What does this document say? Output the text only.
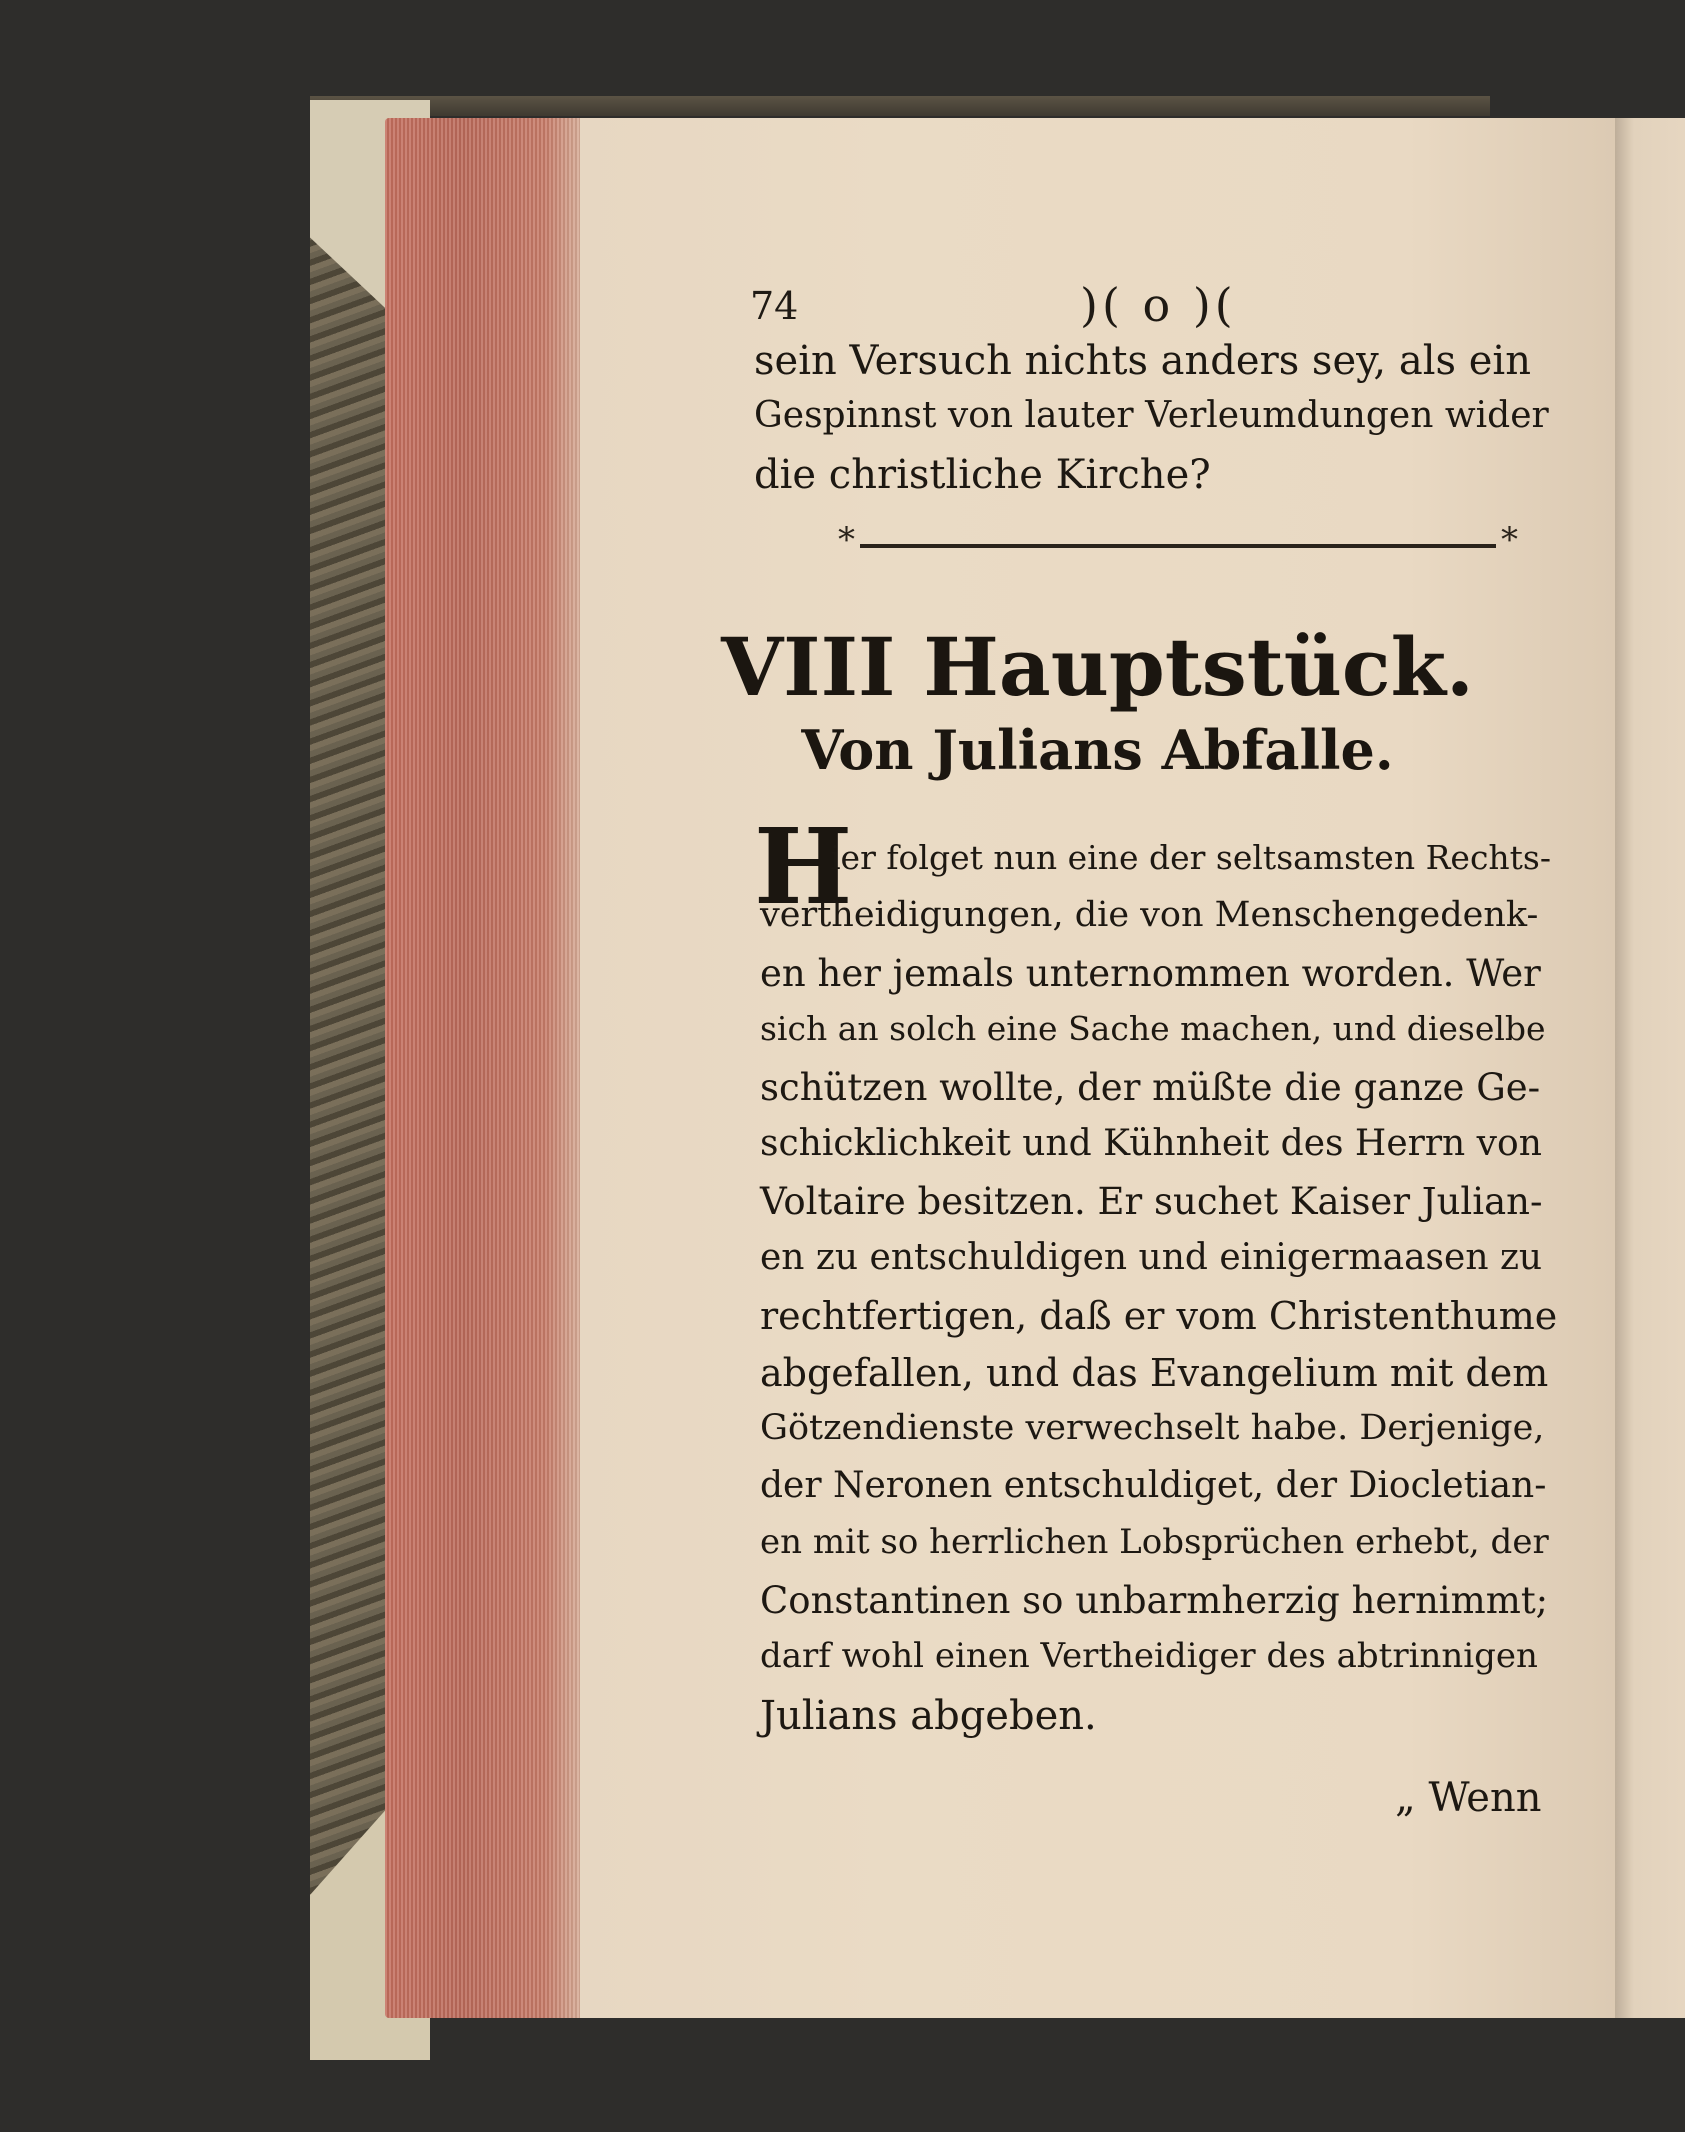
74	)( o )(
sein Versuch nichts anders sey, als ein
Gespinnst von lauter Verleumdungen wider
die christliche Kirche?
*	*
VIII Hauptstück.
Von Julians Abfalle.
H
ier folget nun eine der seltsamsten Rechts-
vertheidigungen, die von Menschengedenk-
en her jemals unternommen worden. Wer
sich an solch eine Sache machen, und dieselbe
schützen wollte, der müßte die ganze Ge-
schicklichkeit und Kühnheit des Herrn von
Voltaire besitzen. Er suchet Kaiser Julian-
en zu entschuldigen und einigermaasen zu
rechtfertigen, daß er vom Christenthume
abgefallen, und das Evangelium mit dem
Götzendienste verwechselt habe. Derjenige,
der Neronen entschuldiget, der Diocletian-
en mit so herrlichen Lobsprüchen erhebt, der
Constantinen so unbarmherzig hernimmt;
darf wohl einen Vertheidiger des abtrinnigen
Julians abgeben.
„ Wenn
